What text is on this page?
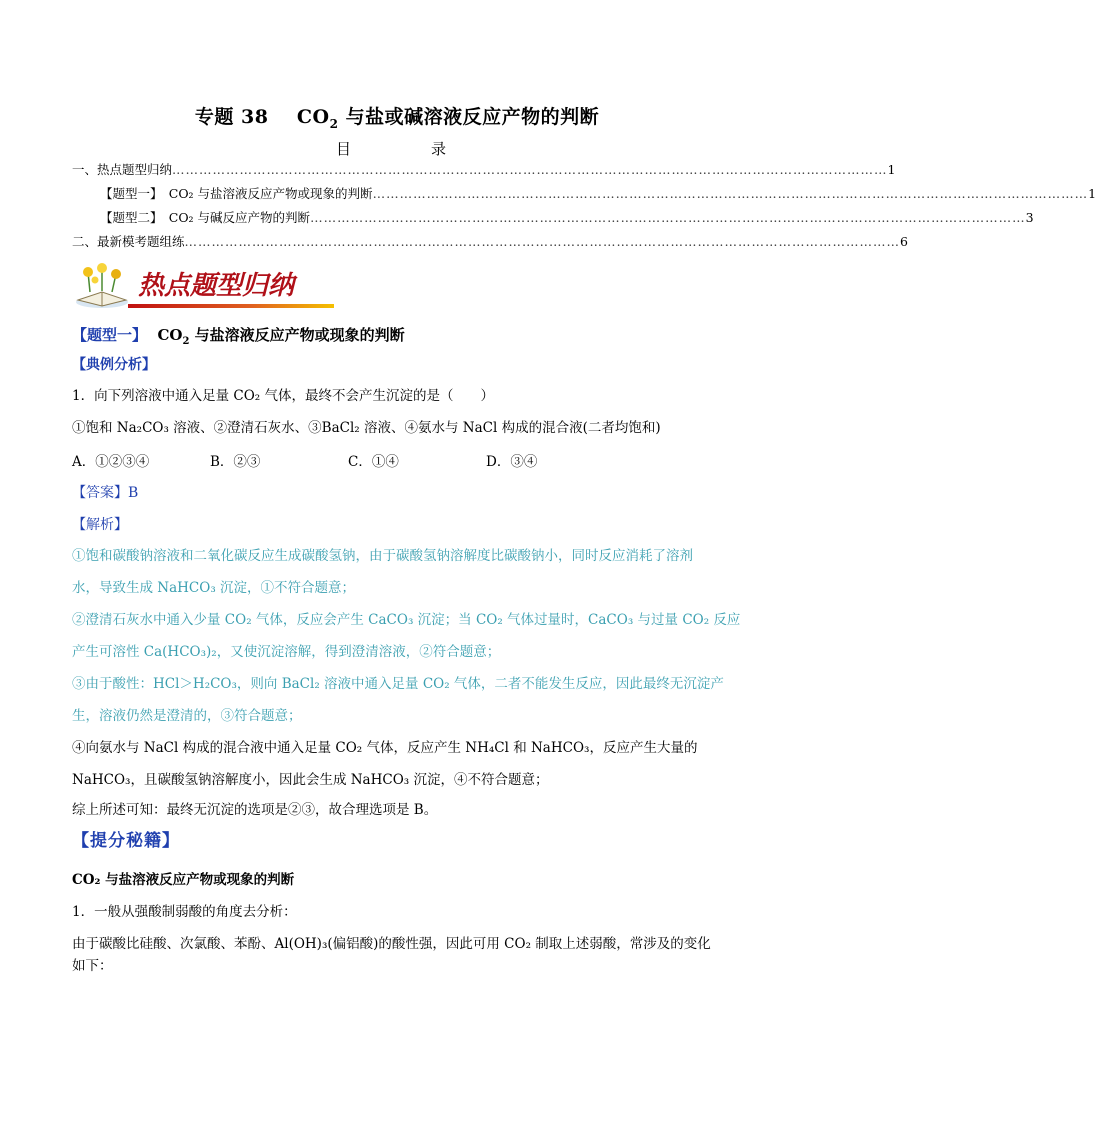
专题 38 $CO_2$ 与盐或碱溶液反应产物的判断
目	录
一、热点题型归纳 …………………………………………………………………………………………………………………………………………… 1
【题型一】　CO₂ 与盐溶液反应产物或现象的判断 …………………………………………………………………………………………………………………………………………… 1
【题型二】　CO₂ 与碱反应产物的判断 …………………………………………………………………………………………………………………………………………… 3
二、最新模考题组练 …………………………………………………………………………………………………………………………………………… 6
热点题型归纳
【题型一】 $CO_2$ 与盐溶液反应产物或现象的判断
【典例分析】
1．向下列溶液中通入足量 CO₂ 气体，最终不会产生沉淀的是（　　）
①饱和 Na₂CO₃ 溶液、②澄清石灰水、③BaCl₂ 溶液、④氨水与 NaCl 构成的混合液(二者均饱和)
A．①②③④	B．②③	C．①④	D．③④
【答案】B
【解析】
①饱和碳酸钠溶液和二氧化碳反应生成碳酸氢钠，由于碳酸氢钠溶解度比碳酸钠小，同时反应消耗了溶剂
水，导致生成 NaHCO₃ 沉淀，①不符合题意；
②澄清石灰水中通入少量 CO₂ 气体，反应会产生 CaCO₃ 沉淀；当 CO₂ 气体过量时，CaCO₃ 与过量 CO₂ 反应
产生可溶性 Ca(HCO₃)₂，又使沉淀溶解，得到澄清溶液，②符合题意；
③由于酸性：HCl＞H₂CO₃，则向 BaCl₂ 溶液中通入足量 CO₂ 气体，二者不能发生反应，因此最终无沉淀产
生，溶液仍然是澄清的，③符合题意；
④向氨水与 NaCl 构成的混合液中通入足量 CO₂ 气体，反应产生 NH₄Cl 和 NaHCO₃，反应产生大量的
NaHCO₃，且碳酸氢钠溶解度小，因此会生成 NaHCO₃ 沉淀，④不符合题意；
综上所述可知：最终无沉淀的选项是②③，故合理选项是 B。
【提分秘籍】
CO₂ 与盐溶液反应产物或现象的判断
1．一般从强酸制弱酸的角度去分析：
由于碳酸比硅酸、次氯酸、苯酚、Al(OH)₃(偏铝酸)的酸性强，因此可用 CO₂ 制取上述弱酸，常涉及的变化
如下：
